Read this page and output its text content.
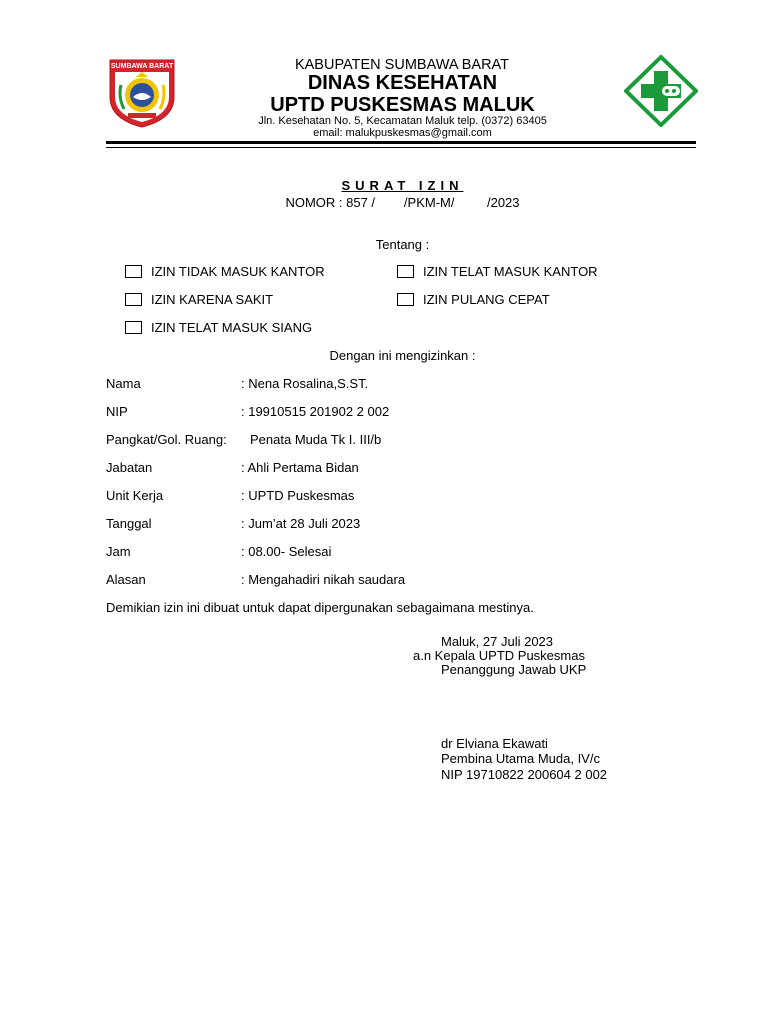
SUMBAWA BARAT	KABUPATEN SUMBAWA BARAT
DINAS KESEHATAN
UPTD PUSKESMAS MALUK
Jln. Kesehatan No. 5, Kecamatan Maluk telp. (0372) 63405
email: malukpuskesmas@gmail.com
SURAT IZIN
NOMOR : 857 /        /PKM-M/         /2023
Tentang :
IZIN TIDAK MASUK KANTOR	IZIN TELAT MASUK KANTOR
IZIN KARENA SAKIT	IZIN PULANG CEPAT
IZIN TELAT MASUK SIANG
Dengan ini mengizinkan :
Nama	: Nena Rosalina,S.ST.
NIP	: 19910515 201902 2 002
Pangkat/Gol. Ruang: Penata Muda Tk I. III/b
Jabatan	: Ahli Pertama Bidan
Unit Kerja	: UPTD Puskesmas
Tanggal	: Jum’at 28 Juli 2023
Jam	: 08.00- Selesai
Alasan	: Mengahadiri nikah saudara
Demikian izin ini dibuat untuk dapat dipergunakan sebagaimana mestinya.
Maluk, 27 Juli 2023
a.n Kepala UPTD Puskesmas
Penanggung Jawab UKP
dr Elviana Ekawati
Pembina Utama Muda, IV/c
NIP 19710822 200604 2 002
